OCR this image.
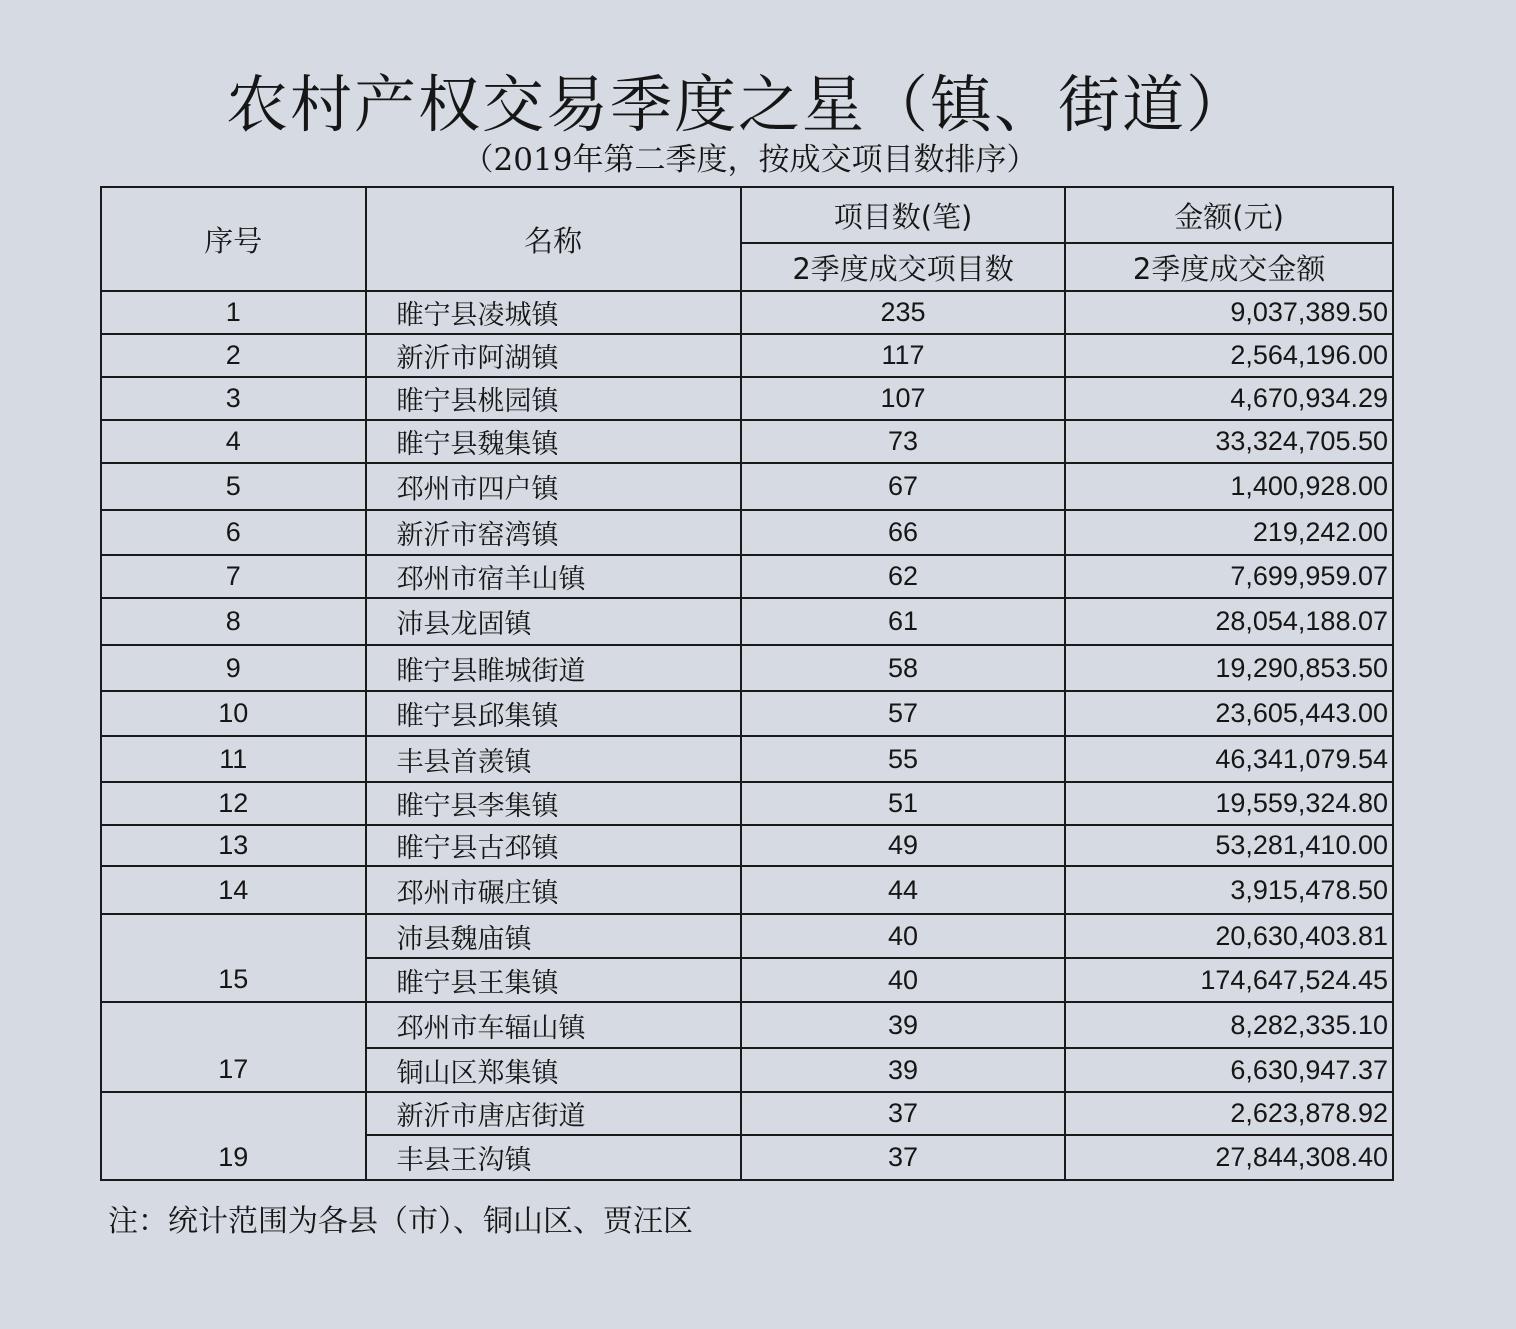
农村产权交易季度之星（镇、街道）
（2019年第二季度，按成交项目数排序）
序号	名称	项目数(笔)	金额(元)
		2季度成交项目数	2季度成交金额
1	睢宁县凌城镇	235	9,037,389.50
2	新沂市阿湖镇	117	2,564,196.00
3	睢宁县桃园镇	107	4,670,934.29
4	睢宁县魏集镇	73	33,324,705.50
5	邳州市四户镇	67	1,400,928.00
6	新沂市窑湾镇	66	219,242.00
7	邳州市宿羊山镇	62	7,699,959.07
8	沛县龙固镇	61	28,054,188.07
9	睢宁县睢城街道	58	19,290,853.50
10	睢宁县邱集镇	57	23,605,443.00
11	丰县首羡镇	55	46,341,079.54
12	睢宁县李集镇	51	19,559,324.80
13	睢宁县古邳镇	49	53,281,410.00
14	邳州市碾庄镇	44	3,915,478.50
15	沛县魏庙镇	40	20,630,403.81
	睢宁县王集镇	40	174,647,524.45
17	邳州市车辐山镇	39	8,282,335.10
	铜山区郑集镇	39	6,630,947.37
19	新沂市唐店街道	37	2,623,878.92
	丰县王沟镇	37	27,844,308.40
注：统计范围为各县（市）、铜山区、贾汪区
